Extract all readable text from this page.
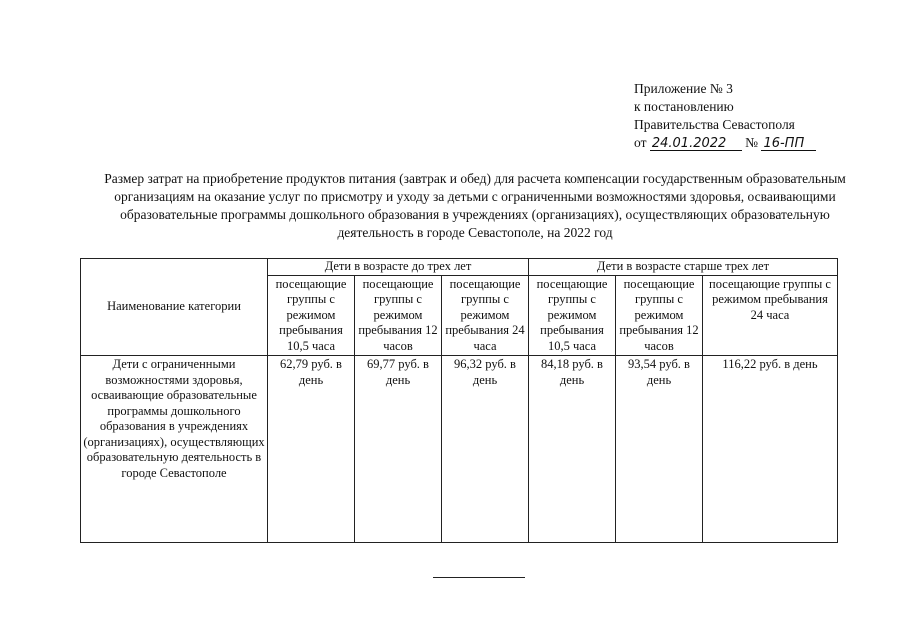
Приложение № 3
к постановлению
Правительства Севастополя
от 24.01.2022 № 16-ПП
Размер затрат на приобретение продуктов питания (завтрак и обед) для расчета компенсации государственным образовательным организациям на оказание услуг по присмотру и уходу за детьми с ограниченными возможностями здоровья, осваивающими образовательные программы дошкольного образования в учреждениях (организациях), осуществляющих образовательную деятельность в городе Севастополе, на 2022 год
Наименование категории	Дети в возрасте до трех лет			Дети в возрасте старше трех лет		
	посещающие группы с режимом пребывания 10,5 часа	посещающие группы с режимом пребывания 12 часов	посещающие группы с режимом пребывания 24 часа	посещающие группы с режимом пребывания 10,5 часа	посещающие группы с режимом пребывания 12 часов	посещающие группы с режимом пребывания 24 часа
Дети с ограниченными возможностями здоровья, осваивающие образовательные программы дошкольного образования в учреждениях (организациях), осуществляющих образовательную деятельность в городе Севастополе	62,79 руб. в день	69,77 руб. в день	96,32 руб. в день	84,18 руб. в день	93,54 руб. в день	116,22 руб. в день
